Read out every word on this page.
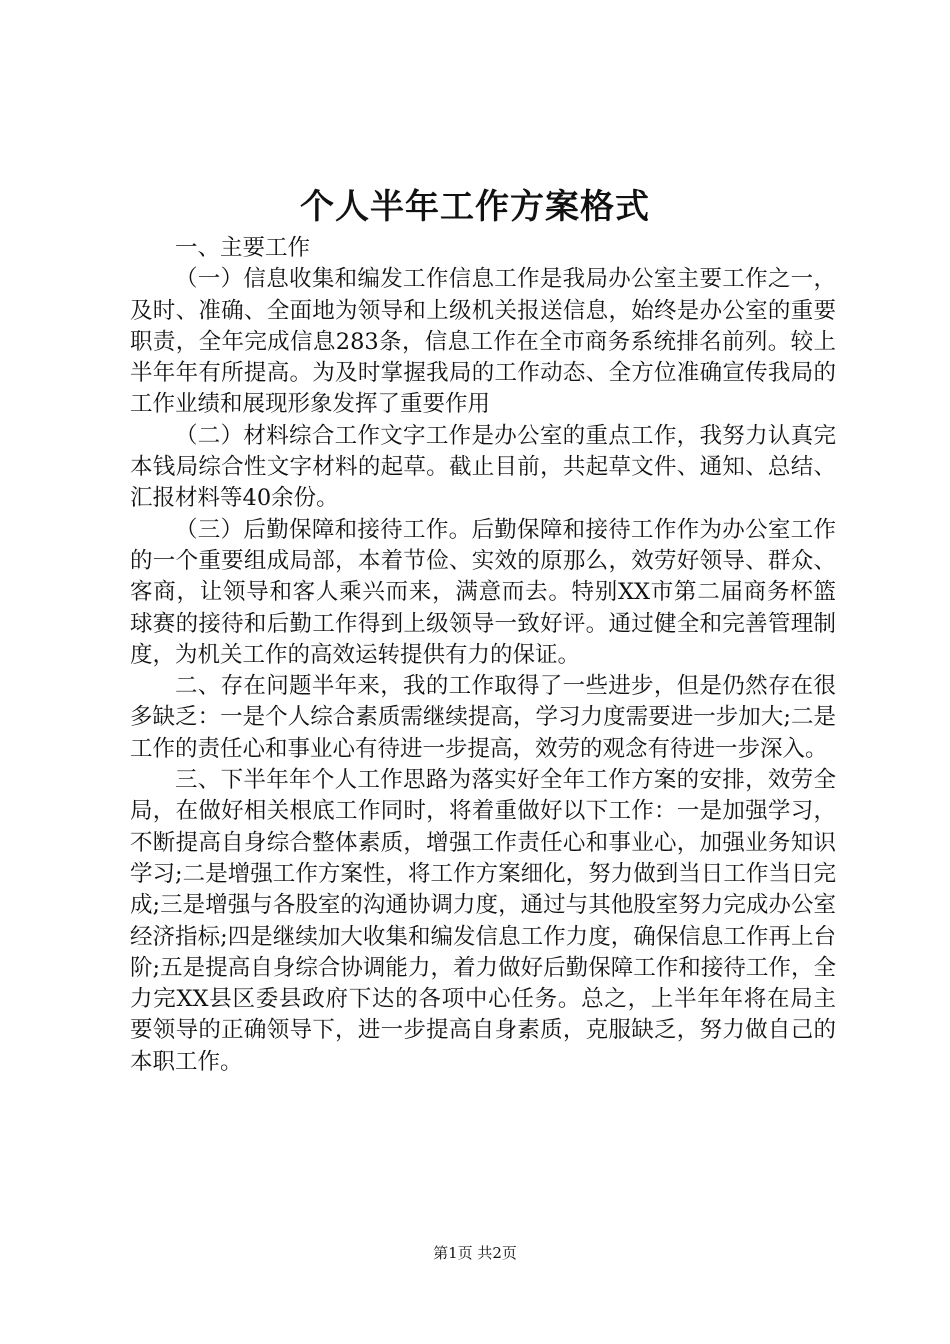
个人半年工作方案格式

一、主要工作

（一）信息收集和编发工作信息工作是我局办公室主要工作之一，及时、准确、全面地为领导和上级机关报送信息，始终是办公室的重要职责，全年完成信息283条，信息工作在全市商务系统排名前列。较上半年年有所提高。为及时掌握我局的工作动态、全方位准确宣传我局的工作业绩和展现形象发挥了重要作用

（二）材料综合工作文字工作是办公室的重点工作，我努力认真完本钱局综合性文字材料的起草。截止目前，共起草文件、通知、总结、汇报材料等40余份。

（三）后勤保障和接待工作。后勤保障和接待工作作为办公室工作的一个重要组成局部，本着节俭、实效的原那么，效劳好领导、群众、客商，让领导和客人乘兴而来，满意而去。特别XX市第二届商务杯篮球赛的接待和后勤工作得到上级领导一致好评。通过健全和完善管理制度，为机关工作的高效运转提供有力的保证。

二、存在问题半年来，我的工作取得了一些进步，但是仍然存在很多缺乏：一是个人综合素质需继续提高，学习力度需要进一步加大;二是工作的责任心和事业心有待进一步提高，效劳的观念有待进一步深入。

三、下半年年个人工作思路为落实好全年工作方案的安排，效劳全局，在做好相关根底工作同时，将着重做好以下工作：一是加强学习，不断提高自身综合整体素质，增强工作责任心和事业心，加强业务知识学习;二是增强工作方案性，将工作方案细化，努力做到当日工作当日完成;三是增强与各股室的沟通协调力度，通过与其他股室努力完成办公室经济指标;四是继续加大收集和编发信息工作力度，确保信息工作再上台阶;五是提高自身综合协调能力，着力做好后勤保障工作和接待工作，全力完XX县区委县政府下达的各项中心任务。总之，上半年年将在局主要领导的正确领导下，进一步提高自身素质，克服缺乏，努力做自己的本职工作。

第1页 共2页
